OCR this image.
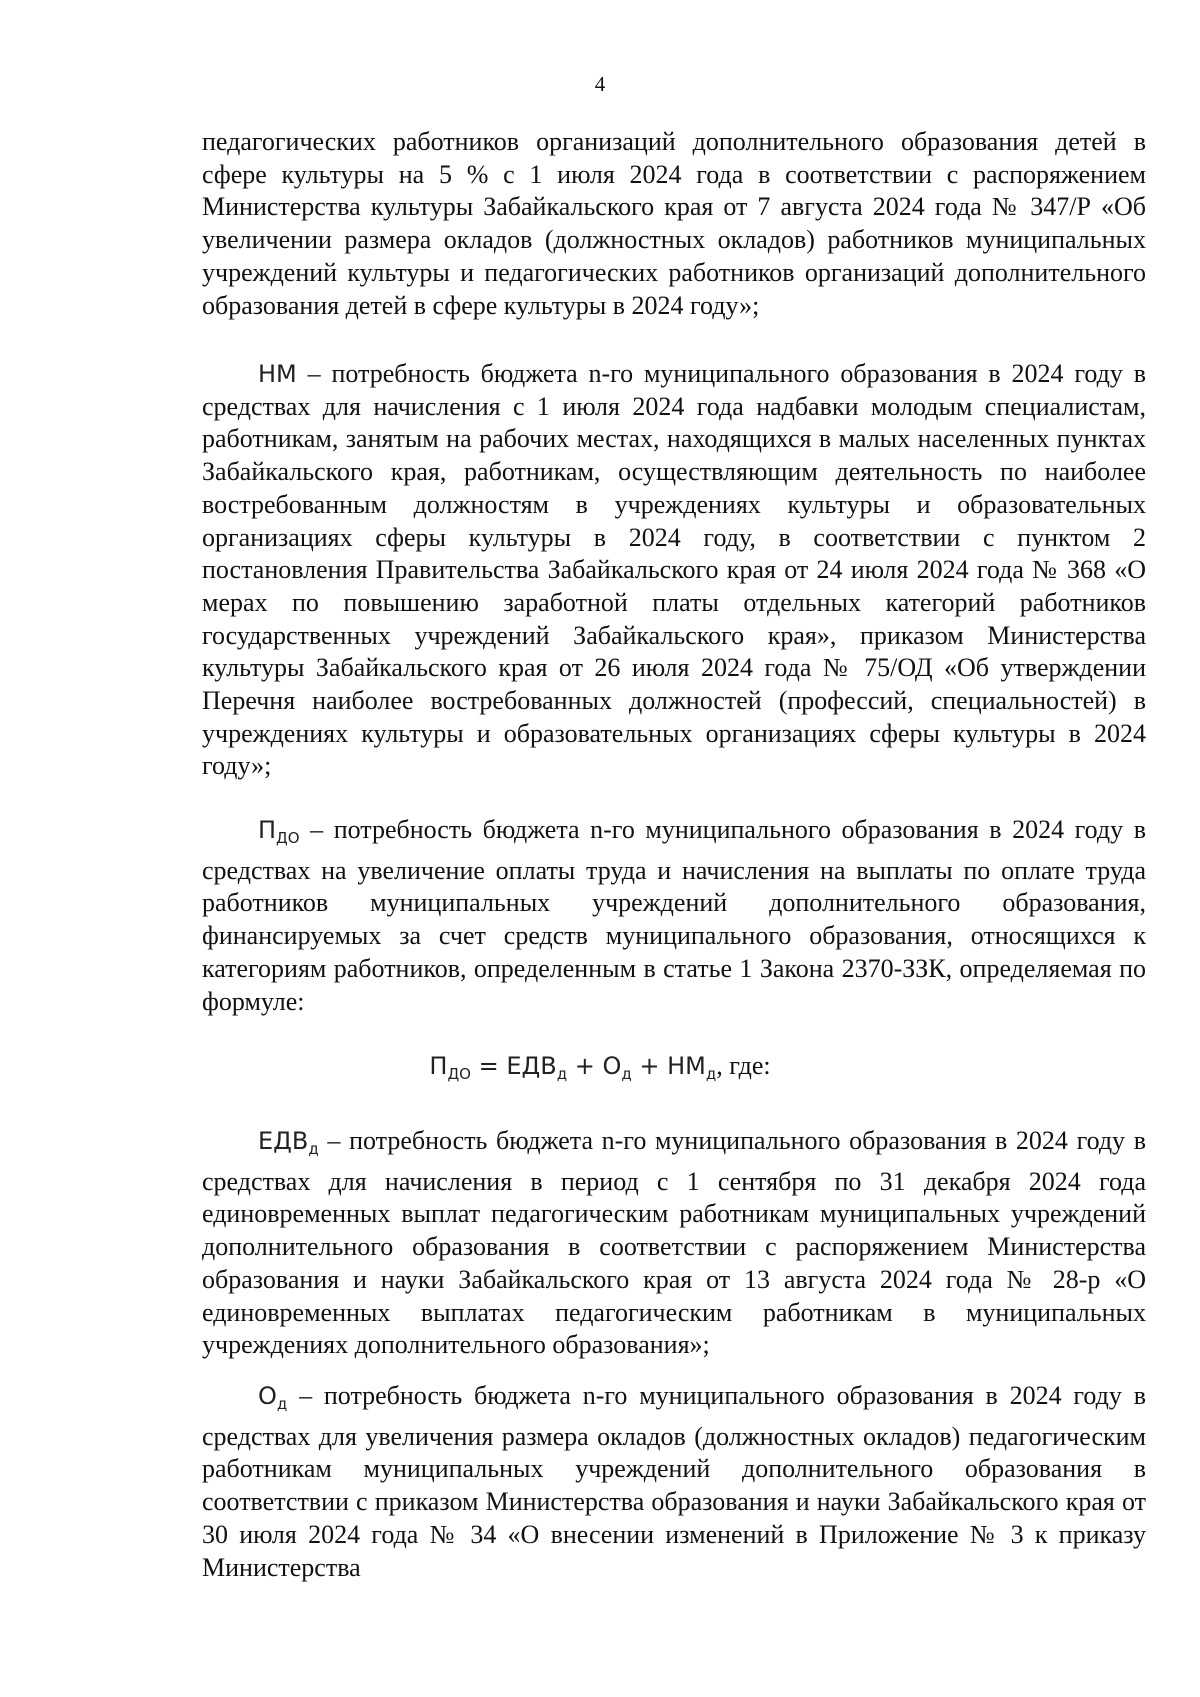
4

педагогических работников организаций дополнительного образования детей в сфере культуры на 5 % с 1 июля 2024 года в соответствии с распоряжением Министерства культуры Забайкальского края от 7 августа 2024 года № 347/Р «Об увеличении размера окладов (должностных окладов) работников муниципальных учреждений культуры и педагогических работников организаций дополнительного образования детей в сфере культуры в 2024 году»;

НМ – потребность бюджета n-го муниципального образования в 2024 году в средствах для начисления с 1 июля 2024 года надбавки молодым специалистам, работникам, занятым на рабочих местах, находящихся в малых населенных пунктах Забайкальского края, работникам, осуществляющим деятельность по наиболее востребованным должностям в учреждениях культуры и образовательных организациях сферы культуры в 2024 году, в соответствии с пунктом 2 постановления Правительства Забайкальского края от 24 июля 2024 года № 368 «О мерах по повышению заработной платы отдельных категорий работников государственных учреждений Забайкальского края», приказом Министерства культуры Забайкальского края от 26 июля 2024 года № 75/ОД «Об утверждении Перечня наиболее востребованных должностей (профессий, специальностей) в учреждениях культуры и образовательных организациях сферы культуры в 2024 году»;

$П_{ДО}$ – потребность бюджета n-го муниципального образования в 2024 году в средствах на увеличение оплаты труда и начисления на выплаты по оплате труда работников муниципальных учреждений дополнительного образования, финансируемых за счет средств муниципального образования, относящихся к категориям работников, определенным в статье 1 Закона 2370-ЗЗК, определяемая по формуле:

$П_{ДО} = ЕДВ_д + О_д + НМ_д$, где:

$ЕДВ_д$ – потребность бюджета n-го муниципального образования в 2024 году в средствах для начисления в период с 1 сентября по 31 декабря 2024 года единовременных выплат педагогическим работникам муниципальных учреждений дополнительного образования в соответствии с распоряжением Министерства образования и науки Забайкальского края от 13 августа 2024 года № 28-р «О единовременных выплатах педагогическим работникам в муниципальных учреждениях дополнительного образования»;

$О_д$ – потребность бюджета n-го муниципального образования в 2024 году в средствах для увеличения размера окладов (должностных окладов) педагогическим работникам муниципальных учреждений дополнительного образования в соответствии с приказом Министерства образования и науки Забайкальского края от 30 июля 2024 года № 34 «О внесении изменений в Приложение № 3 к приказу Министерства
